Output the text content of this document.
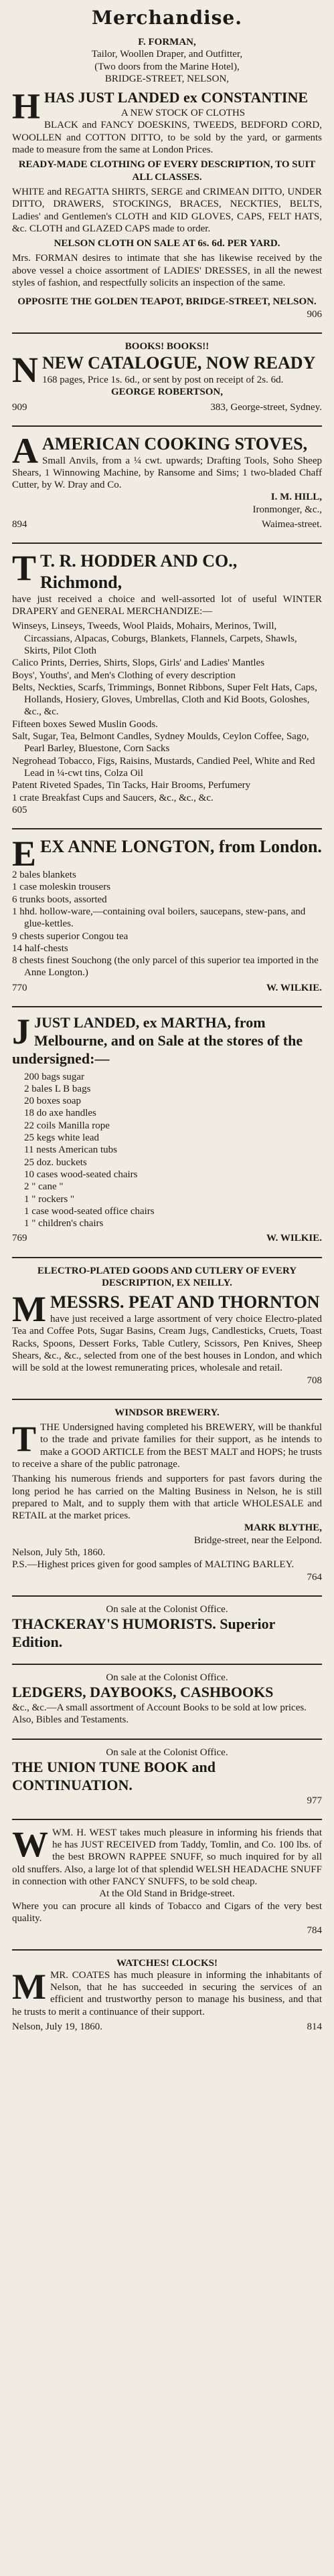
Merchandise.
F. FORMAN,
Tailor, Woollen Draper, and Outfitter,
(Two doors from the Marine Hotel),
BRIDGE-STREET, NELSON,
H HAS JUST LANDED ex CONSTANTINE
A NEW STOCK OF CLOTHS
BLACK and FANCY DOESKINS, TWEEDS, BEDFORD CORD, WOOLLEN and COTTON DITTO, to be sold by the yard, or garments made to measure from the same at London Prices.
READY-MADE CLOTHING OF EVERY DESCRIPTION, TO SUIT ALL CLASSES.
WHITE and REGATTA SHIRTS, SERGE and CRIMEAN DITTO, UNDER DITTO, DRAWERS, STOCKINGS, BRACES, NECKTIES, BELTS, Ladies' and Gentlemen's CLOTH and KID GLOVES, CAPS, FELT HATS, &c. CLOTH and GLAZED CAPS made to order.
NELSON CLOTH ON SALE AT 6s. 6d. PER YARD.
Mrs. FORMAN desires to intimate that she has likewise received by the above vessel a choice assortment of LADIES' DRESSES, in all the newest styles of fashion, and respectfully solicits an inspection of the same.
OPPOSITE THE GOLDEN TEAPOT, BRIDGE-STREET, NELSON.
906
BOOKS! BOOKS!!
N NEW CATALOGUE, NOW READY
168 pages, Price 1s. 6d., or sent by post on receipt of 2s. 6d.
GEORGE ROBERTSON,
909	383, George-street, Sydney.
A AMERICAN COOKING STOVES,
Small Anvils, from a ¼ cwt. upwards; Drafting Tools, Soho Sheep Shears, 1 Winnowing Machine, by Ransome and Sims; 1 two-bladed Chaff Cutter, by W. Dray and Co.
I. M. HILL,
Ironmonger, &c.,
894	Waimea-street.
T T. R. HODDER AND CO., Richmond,
have just received a choice and well-assorted lot of useful WINTER DRAPERY and GENERAL MERCHANDIZE:—
Winseys, Linseys, Tweeds, Wool Plaids, Mohairs, Merinos, Twill, Circassians, Alpacas, Coburgs, Blankets, Flannels, Carpets, Shawls, Skirts, Pilot Cloth
Calico Prints, Derries, Shirts, Slops, Girls' and Ladies' Mantles
Boys', Youths', and Men's Clothing of every description
Belts, Neckties, Scarfs, Trimmings, Bonnet Ribbons, Super Felt Hats, Caps, Hollands, Hosiery, Gloves, Umbrellas, Cloth and Kid Boots, Goloshes, &c., &c.
Fifteen boxes Sewed Muslin Goods.
Salt, Sugar, Tea, Belmont Candles, Sydney Moulds, Ceylon Coffee, Sago, Pearl Barley, Bluestone, Corn Sacks
Negrohead Tobacco, Figs, Raisins, Mustards, Candied Peel, White and Red Lead in ¼-cwt tins, Colza Oil
Patent Riveted Spades, Tin Tacks, Hair Brooms, Perfumery
1 crate Breakfast Cups and Saucers, &c., &c., &c.
605
E EX ANNE LONGTON, from London.
2 bales blankets
1 case moleskin trousers
6 trunks boots, assorted
1 hhd. hollow-ware,—containing oval boilers, saucepans, stew-pans, and glue-kettles.
9 chests superior Congou tea
14 half-chests
8 chests finest Souchong (the only parcel of this superior tea imported in the Anne Longton.)
770	W. WILKIE.
J JUST LANDED, ex MARTHA, from Melbourne, and on Sale at the stores of the undersigned:—
200 bags sugar
2 bales L B bags
20 boxes soap
18 do axe handles
22 coils Manilla rope
25 kegs white lead
11 nests American tubs
25 doz. buckets
10 cases wood-seated chairs
2 " cane "
1 " rockers "
1 case wood-seated office chairs
1 " children's chairs
769	W. WILKIE.
ELECTRO-PLATED GOODS AND CUTLERY OF EVERY DESCRIPTION, EX NEILLY.
M MESSRS. PEAT AND THORNTON
have just received a large assortment of very choice Electro-plated Tea and Coffee Pots, Sugar Basins, Cream Jugs, Candlesticks, Cruets, Toast Racks, Spoons, Dessert Forks, Table Cutlery, Scissors, Pen Knives, Sheep Shears, &c., &c., selected from one of the best houses in London, and which will be sold at the lowest remunerating prices, wholesale and retail.
708
WINDSOR BREWERY.
T THE Undersigned having completed his BREWERY, will be thankful to the trade and private families for their support, as he intends to make a GOOD ARTICLE from the BEST MALT and HOPS; he trusts to receive a share of the public patronage.
Thanking his numerous friends and supporters for past favors during the long period he has carried on the Malting Business in Nelson, he is still prepared to Malt, and to supply them with that article WHOLESALE and RETAIL at the market prices.
MARK BLYTHE,
Bridge-street, near the Eelpond.
Nelson, July 5th, 1860.
P.S.—Highest prices given for good samples of MALTING BARLEY.
764
On sale at the Colonist Office.
THACKERAY'S HUMORISTS. Superior Edition.
On sale at the Colonist Office.
LEDGERS, DAYBOOKS, CASHBOOKS
&c., &c.—A small assortment of Account Books to be sold at low prices.
Also, Bibles and Testaments.
On sale at the Colonist Office.
THE UNION TUNE BOOK and CONTINUATION.
977
W WM. H. WEST takes much pleasure in informing his friends that he has JUST RECEIVED from Taddy, Tomlin, and Co. 100 lbs. of the best BROWN RAPPEE SNUFF, so much inquired for by all old snuffers. Also, a large lot of that splendid WELSH HEADACHE SNUFF in connection with other FANCY SNUFFS, to be sold cheap.
At the Old Stand in Bridge-street.
Where you can procure all kinds of Tobacco and Cigars of the very best quality.
784
WATCHES! CLOCKS!
M MR. COATES has much pleasure in informing the inhabitants of Nelson, that he has succeeded in securing the services of an efficient and trustworthy person to manage his business, and that he trusts to merit a continuance of their support.
Nelson, July 19, 1860.	814
